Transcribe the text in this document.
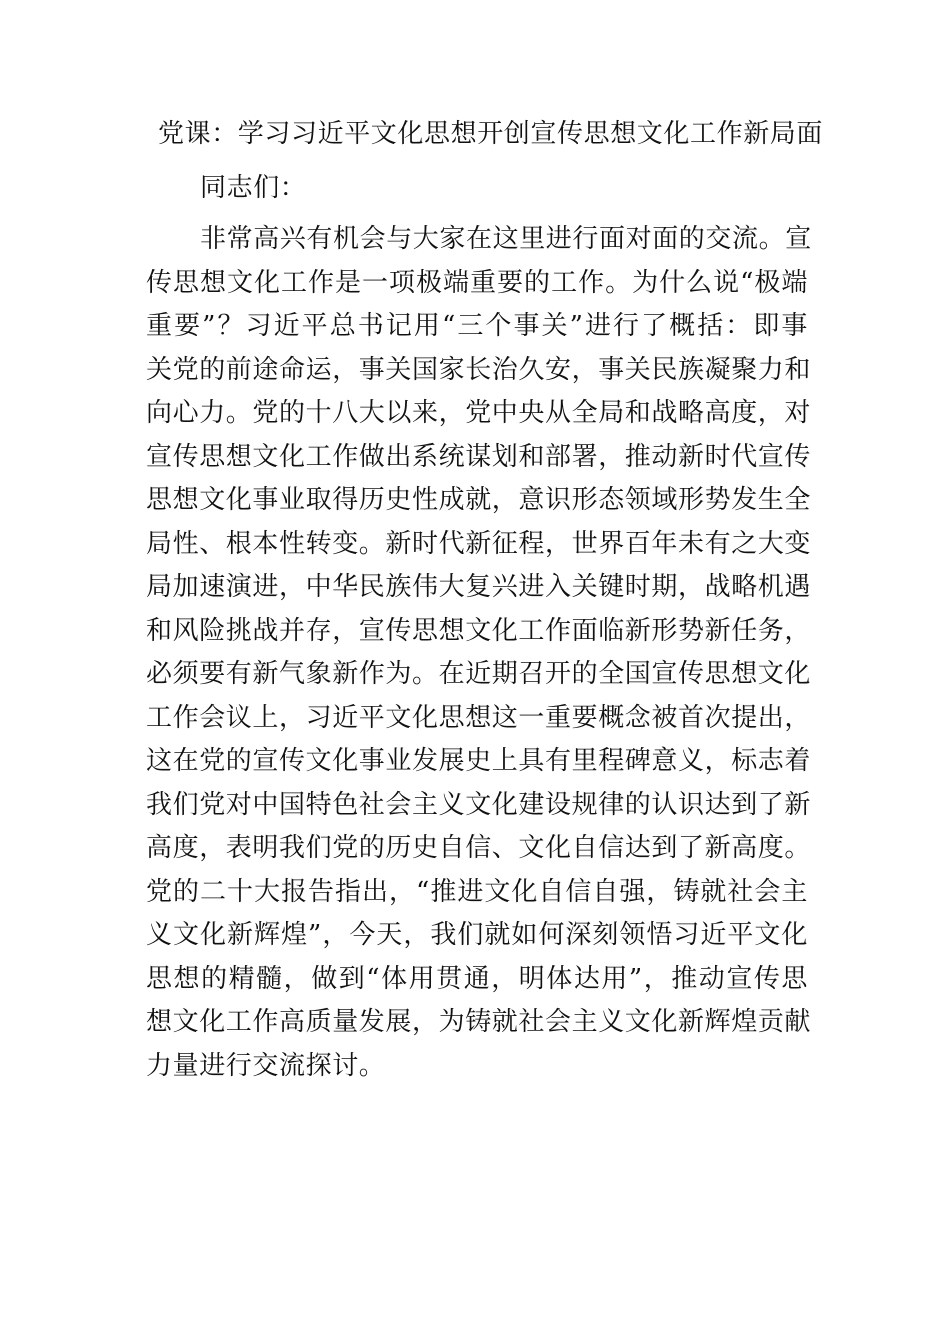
党课：学习习近平文化思想开创宣传思想文化工作新局面
同志们：
非常高兴有机会与大家在这里进行面对面的交流。宣
传思想文化工作是一项极端重要的工作。为什么说“极端
重要”？习近平总书记用“三个事关”进行了概括：即事
关党的前途命运，事关国家长治久安，事关民族凝聚力和
向心力。党的十八大以来，党中央从全局和战略高度，对
宣传思想文化工作做出系统谋划和部署，推动新时代宣传
思想文化事业取得历史性成就，意识形态领域形势发生全
局性、根本性转变。新时代新征程，世界百年未有之大变
局加速演进，中华民族伟大复兴进入关键时期，战略机遇
和风险挑战并存，宣传思想文化工作面临新形势新任务，
必须要有新气象新作为。在近期召开的全国宣传思想文化
工作会议上，习近平文化思想这一重要概念被首次提出，
这在党的宣传文化事业发展史上具有里程碑意义，标志着
我们党对中国特色社会主义文化建设规律的认识达到了新
高度，表明我们党的历史自信、文化自信达到了新高度。
党的二十大报告指出，“推进文化自信自强，铸就社会主
义文化新辉煌”，今天，我们就如何深刻领悟习近平文化
思想的精髓，做到“体用贯通，明体达用”，推动宣传思
想文化工作高质量发展，为铸就社会主义文化新辉煌贡献
力量进行交流探讨。
